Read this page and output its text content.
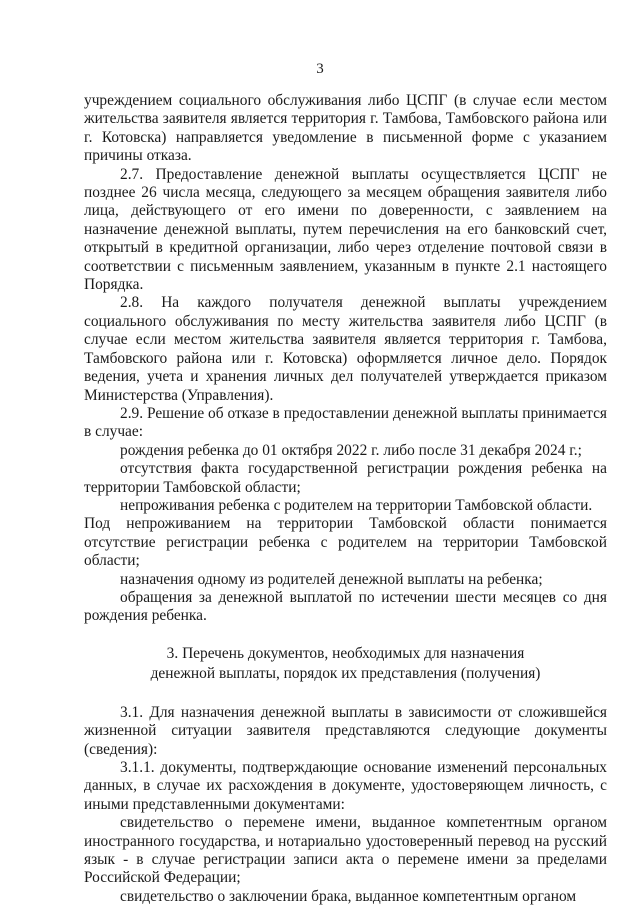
3

учреждением социального обслуживания либо ЦСПГ (в случае если местом жительства заявителя является территория г. Тамбова, Тамбовского района или г. Котовска) направляется уведомление в письменной форме с указанием причины отказа.

2.7. Предоставление денежной выплаты осуществляется ЦСПГ не позднее 26 числа месяца, следующего за месяцем обращения заявителя либо лица, действующего от его имени по доверенности, с заявлением на назначение денежной выплаты, путем перечисления на его банковский счет, открытый в кредитной организации, либо через отделение почтовой связи в соответствии с письменным заявлением, указанным в пункте 2.1 настоящего Порядка.

2.8. На каждого получателя денежной выплаты учреждением социального обслуживания по месту жительства заявителя либо ЦСПГ (в случае если местом жительства заявителя является территория г. Тамбова, Тамбовского района или г. Котовска) оформляется личное дело. Порядок ведения, учета и хранения личных дел получателей утверждается приказом Министерства (Управления).

2.9. Решение об отказе в предоставлении денежной выплаты принимается в случае:

рождения ребенка до 01 октября 2022 г. либо после 31 декабря 2024 г.;

отсутствия факта государственной регистрации рождения ребенка на территории Тамбовской области;

непроживания ребенка с родителем на территории Тамбовской области.

Под непроживанием на территории Тамбовской области понимается отсутствие регистрации ребенка с родителем на территории Тамбовской области;

назначения одному из родителей денежной выплаты на ребенка;

обращения за денежной выплатой по истечении шести месяцев со дня рождения ребенка.

3. Перечень документов, необходимых для назначения
денежной выплаты, порядок их представления (получения)

3.1. Для назначения денежной выплаты в зависимости от сложившейся жизненной ситуации заявителя представляются следующие документы (сведения):

3.1.1. документы, подтверждающие основание изменений персональных данных, в случае их расхождения в документе, удостоверяющем личность, с иными представленными документами:

свидетельство о перемене имени, выданное компетентным органом иностранного государства, и нотариально удостоверенный перевод на русский язык - в случае регистрации записи акта о перемене имени за пределами Российской Федерации;

свидетельство о заключении брака, выданное компетентным органом
